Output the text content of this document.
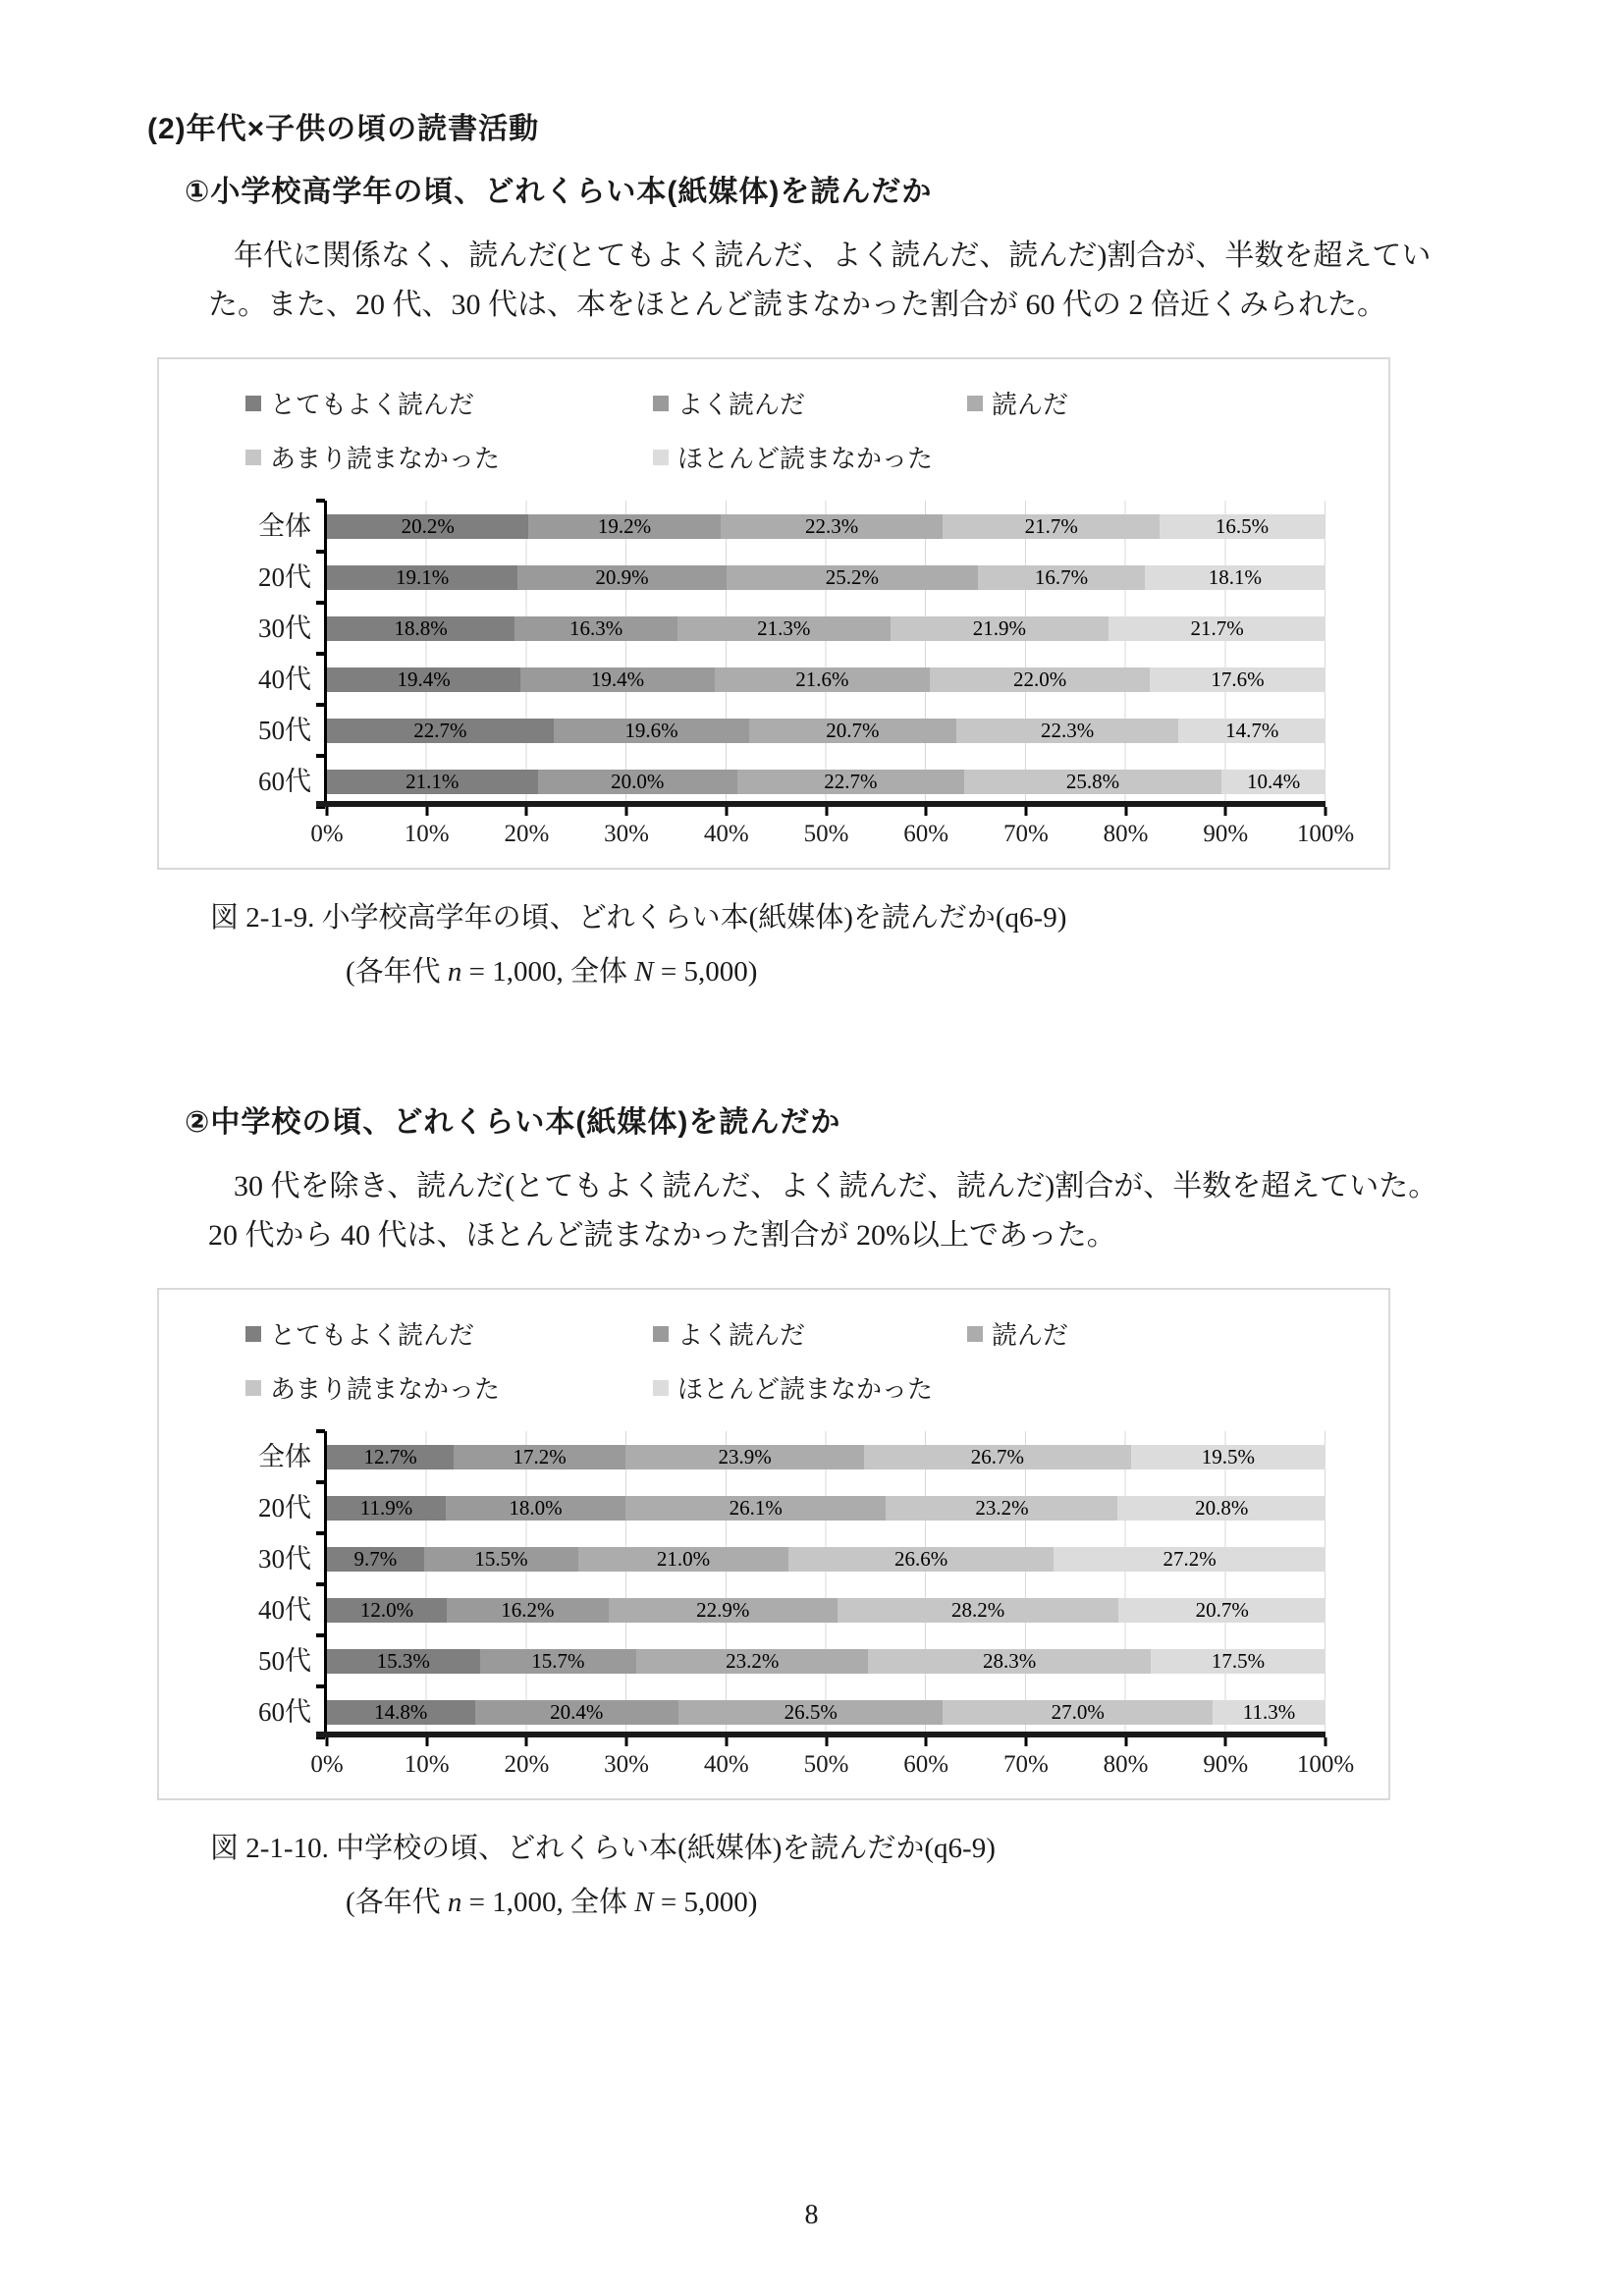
(2)年代×子供の頃の読書活動
①小学校高学年の頃、どれくらい本(紙媒体)を読んだか

年代に関係なく、読んだ(とてもよく読んだ、よく読んだ、読んだ)割合が、半数を超えてい
た。また、20 代、30 代は、本をほとんど読まなかった割合が 60 代の 2 倍近くみられた。

とてもよく読んだ	よく読んだ	読んだ
あまり読まなかった	ほとんど読まなかった
全体	20.2%	19.2%	22.3%	21.7%	16.5%
20代	19.1%	20.9%	25.2%	16.7%	18.1%
30代	18.8%	16.3%	21.3%	21.9%	21.7%
40代	19.4%	19.4%	21.6%	22.0%	17.6%
50代	22.7%	19.6%	20.7%	22.3%	14.7%
60代	21.1%	20.0%	22.7%	25.8%	10.4%
0% 10% 20% 30% 40% 50% 60% 70% 80% 90% 100%

図 2-1-9. 小学校高学年の頃、どれくらい本(紙媒体)を読んだか(q6-9)

(各年代 n = 1,000, 全体 N = 5,000)

②中学校の頃、どれくらい本(紙媒体)を読んだか

30 代を除き、読んだ(とてもよく読んだ、よく読んだ、読んだ)割合が、半数を超えていた。
20 代から 40 代は、ほとんど読まなかった割合が 20%以上であった。

とてもよく読んだ	よく読んだ	読んだ
あまり読まなかった	ほとんど読まなかった
全体	12.7%	17.2%	23.9%	26.7%	19.5%
20代	11.9%	18.0%	26.1%	23.2%	20.8%
30代	9.7%	15.5%	21.0%	26.6%	27.2%
40代	12.0%	16.2%	22.9%	28.2%	20.7%
50代	15.3%	15.7%	23.2%	28.3%	17.5%
60代	14.8%	20.4%	26.5%	27.0%	11.3%
0% 10% 20% 30% 40% 50% 60% 70% 80% 90% 100%

図 2-1-10. 中学校の頃、どれくらい本(紙媒体)を読んだか(q6-9)

(各年代 n = 1,000, 全体 N = 5,000)

8
